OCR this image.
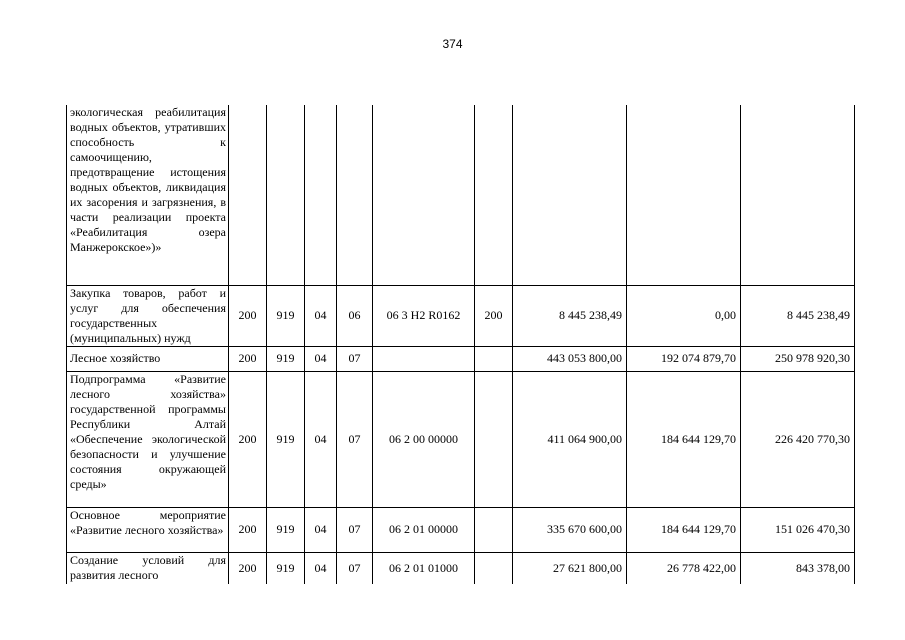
374
экологическая реабилитация водных объектов, утративших способность к самоочищению, предотвращение истощения водных объектов, ликвидация их засорения и загрязнения, в части реализации проекта «Реабилитация озера Манжерокское»)»									
Закупка товаров, работ и услуг для обеспечения государственных (муниципальных) нужд	200	919	04	06	06 3 H2 R0162	200	8 445 238,49	0,00	8 445 238,49
Лесное хозяйство	200	919	04	07			443 053 800,00	192 074 879,70	250 978 920,30
Подпрограмма «Развитие лесного хозяйства» государственной программы Республики Алтай «Обеспечение экологической безопасности и улучшение состояния окружающей среды»	200	919	04	07	06 2 00 00000		411 064 900,00	184 644 129,70	226 420 770,30
Основное мероприятие «Развитие лесного хозяйства»	200	919	04	07	06 2 01 00000		335 670 600,00	184 644 129,70	151 026 470,30
Создание условий для развития лесного	200	919	04	07	06 2 01 01000		27 621 800,00	26 778 422,00	843 378,00
